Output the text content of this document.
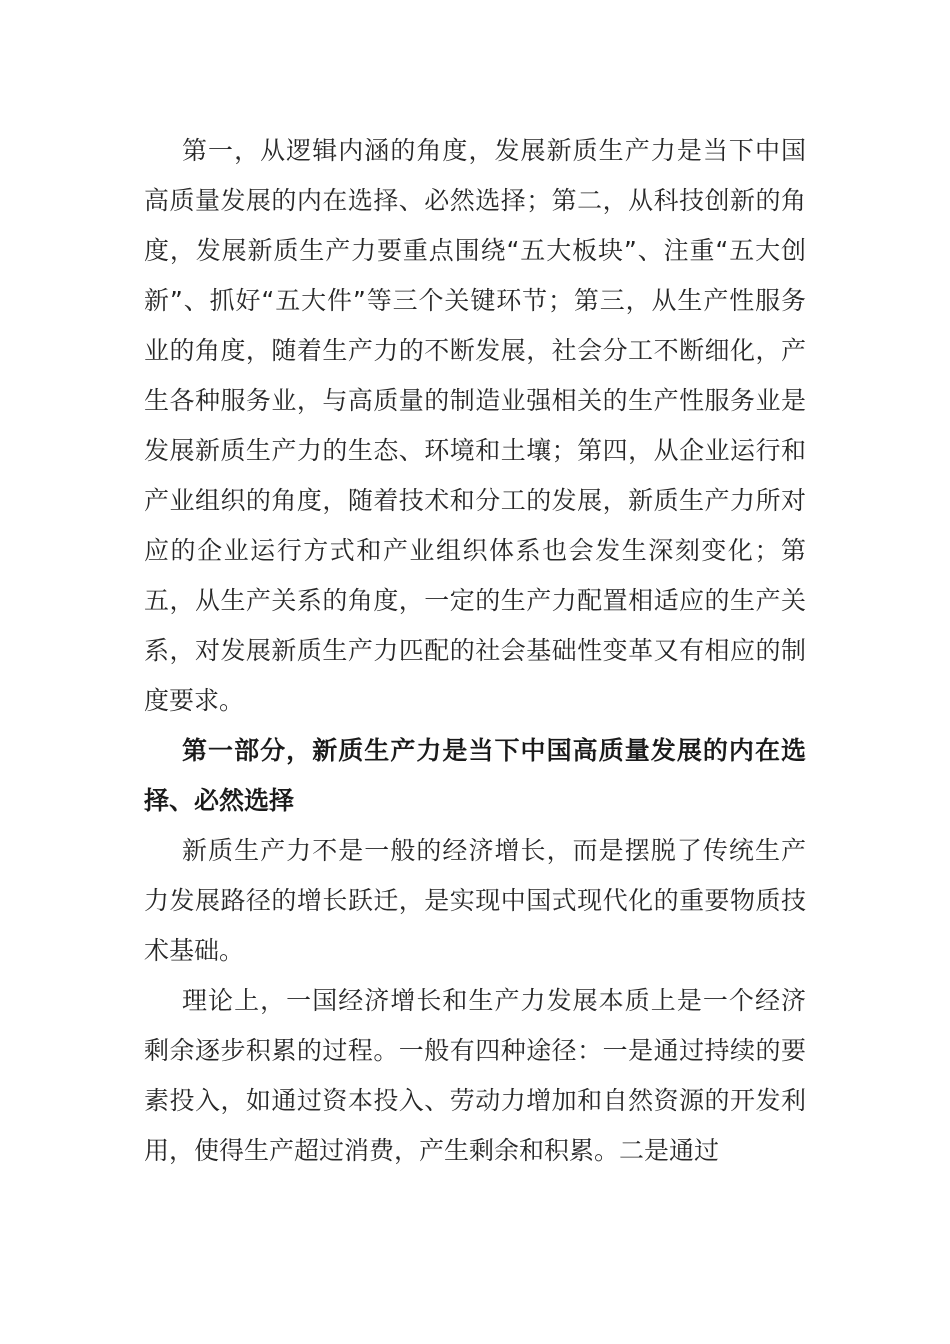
第一，从逻辑内涵的角度，发展新质生产力是当下中国高质量发展的内在选择、必然选择；第二，从科技创新的角度，发展新质生产力要重点围绕“五大板块”、注重“五大创新”、抓好“五大件”等三个关键环节；第三，从生产性服务业的角度，随着生产力的不断发展，社会分工不断细化，产生各种服务业，与高质量的制造业强相关的生产性服务业是发展新质生产力的生态、环境和土壤；第四，从企业运行和产业组织的角度，随着技术和分工的发展，新质生产力所对应的企业运行方式和产业组织体系也会发生深刻变化；第五，从生产关系的角度，一定的生产力配置相适应的生产关系，对发展新质生产力匹配的社会基础性变革又有相应的制度要求。

第一部分，新质生产力是当下中国高质量发展的内在选择、必然选择

新质生产力不是一般的经济增长，而是摆脱了传统生产力发展路径的增长跃迁，是实现中国式现代化的重要物质技术基础。

理论上，一国经济增长和生产力发展本质上是一个经济剩余逐步积累的过程。一般有四种途径：一是通过持续的要素投入，如通过资本投入、劳动力增加和自然资源的开发利用，使得生产超过消费，产生剩余和积累。二是通过
